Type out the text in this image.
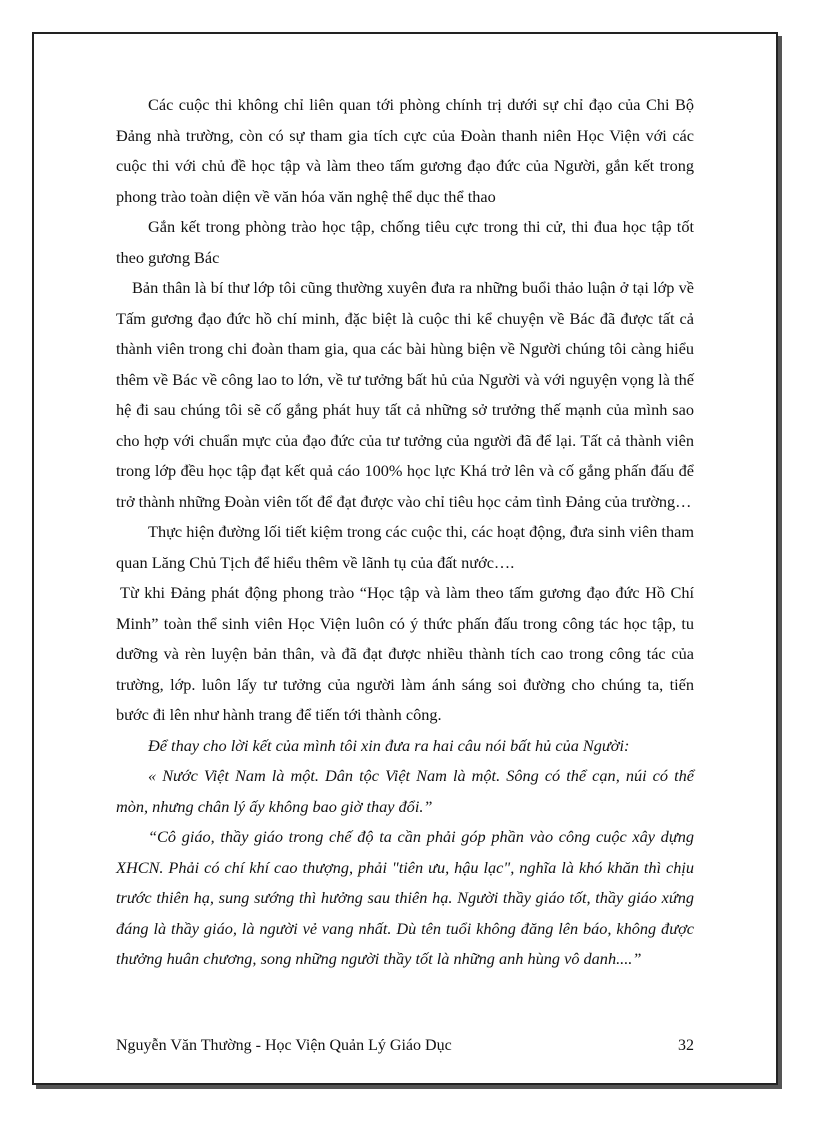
Các cuộc thi không chỉ liên quan tới phòng chính trị dưới sự chỉ đạo của Chi Bộ Đảng nhà trường, còn có sự tham gia tích cực của Đoàn thanh niên Học Viện với các cuộc thi với chủ đề học tập và làm theo tấm gương đạo đức của Người, gắn kết trong phong trào toàn diện về văn hóa văn nghệ thể dục thể thao

Gắn kết trong phòng trào học tập, chống tiêu cực trong thi cử, thi đua học tập tốt theo gương Bác

Bản thân là bí thư lớp tôi cũng thường xuyên đưa ra những buổi thảo luận ở tại lớp về Tấm gương đạo đức hồ chí minh, đặc biệt là cuộc thi kể chuyện về Bác đã được tất cả thành viên trong chi đoàn tham gia, qua các bài hùng biện về Người chúng tôi càng hiểu thêm về Bác về công lao to lớn, về tư tưởng bất hủ của Người và với nguyện vọng là thế hệ đi sau chúng tôi sẽ cố gắng phát huy tất cả những sở trưởng thế mạnh của mình sao cho hợp với chuẩn mực của đạo đức của tư tưởng của người đã để lại. Tất cả thành viên trong lớp đều học tập đạt kết quả cáo 100% học lực Khá trở lên và cố gắng phấn đấu để trở thành những Đoàn viên tốt để đạt được vào chỉ tiêu học cảm tình Đảng của trường…

Thực hiện đường lối tiết kiệm trong các cuộc thi, các hoạt động, đưa sinh viên tham quan Lăng Chủ Tịch để hiểu thêm về lãnh tụ của đất nước….

Từ khi Đảng phát động phong trào “Học tập và làm theo tấm gương đạo đức Hồ Chí Minh” toàn thể sinh viên Học Viện luôn có ý thức phấn đấu trong công tác học tập, tu dưỡng và rèn luyện bản thân, và đã đạt được nhiều thành tích cao trong công tác của trường, lớp. luôn lấy tư tưởng của người làm ánh sáng soi đường cho chúng ta, tiến bước đi lên như hành trang để tiến tới thành công.

Để thay cho lời kết của mình tôi xin đưa ra hai câu nói bất hủ của Người:

« Nước Việt Nam là một. Dân tộc Việt Nam là một. Sông có thể cạn, núi có thể mòn, nhưng chân lý ấy không bao giờ thay đổi.”

“Cô giáo, thầy giáo trong chế độ ta cần phải góp phần vào công cuộc xây dựng XHCN. Phải có chí khí cao thượng, phải "tiên ưu, hậu lạc", nghĩa là khó khăn thì chịu trước thiên hạ, sung sướng thì hưởng sau thiên hạ. Người thầy giáo tốt, thầy giáo xứng đáng là thầy giáo, là người vẻ vang nhất. Dù tên tuổi không đăng lên báo, không được thưởng huân chương, song những người thầy tốt là những anh hùng vô danh....”

Nguyễn Văn Thường - Học Viện Quản Lý Giáo Dục	32
